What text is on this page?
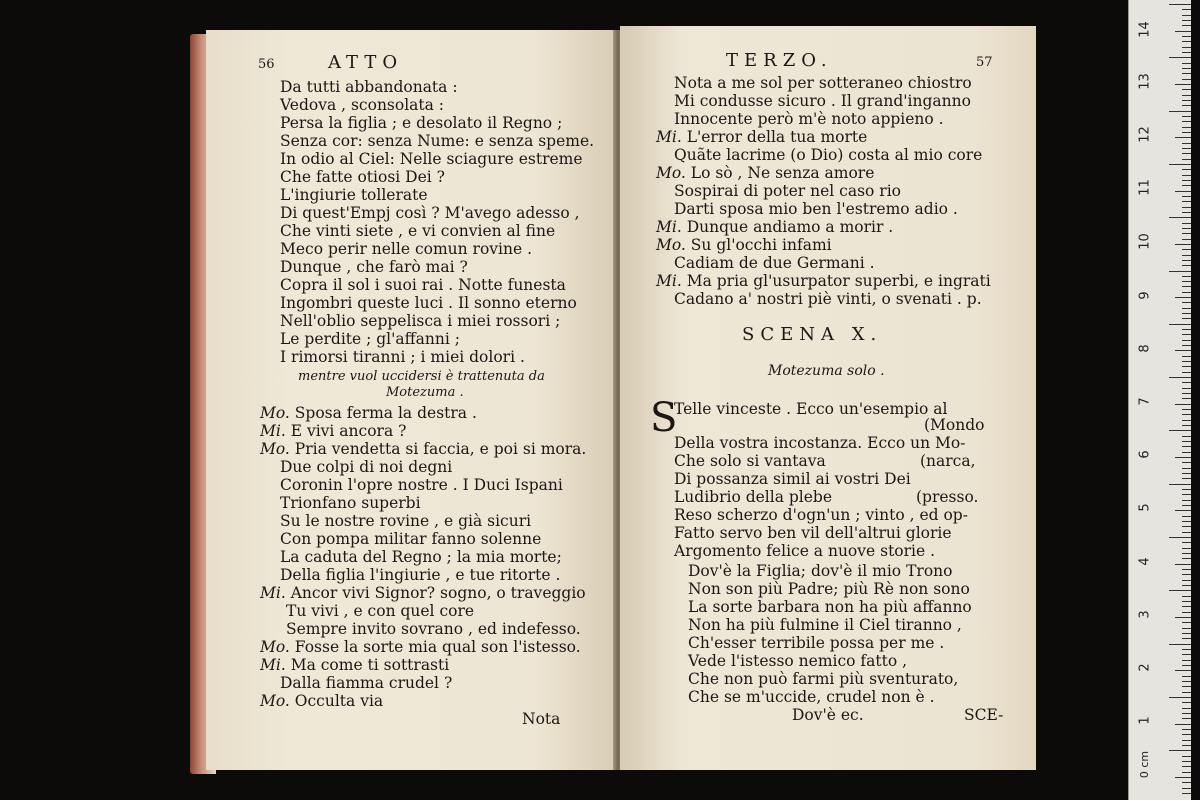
56	ATTO
Da tutti abbandonata :
Vedova , sconsolata :
Persa la figlia ; e desolato il Regno ;
Senza cor: senza Nume: e senza speme.
In odio al Ciel: Nelle sciagure estreme
Che fatte otiosi Dei ?
L'ingiurie tollerate
Di quest'Empj così ? M'avego adesso ,
Che vinti siete , e vi convien al fine
Meco perir nelle comun rovine .
Dunque , che farò mai ?
Copra il sol i suoi rai . Notte funesta
Ingombri queste luci . Il sonno eterno
Nell'oblio seppelisca i miei rossori ;
Le perdite ; gl'affanni ;
I rimorsi tiranni ; i miei dolori .
mentre vuol uccidersi è trattenuta da
Motezuma .
Mo. Sposa ferma la destra .
Mi. E vivi ancora ?
Mo. Pria vendetta si faccia, e poi si mora.
Due colpi di noi degni
Coronin l'opre nostre . I Duci Ispani
Trionfano superbi
Su le nostre rovine , e già sicuri
Con pompa militar fanno solenne
La caduta del Regno ; la mia morte;
Della figlia l'ingiurie , e tue ritorte .
Mi. Ancor vivi Signor? sogno, o traveggio
Tu vivi , e con quel core
Sempre invito sovrano , ed indefesso.
Mo. Fosse la sorte mia qual son l'istesso.
Mi. Ma come ti sottrasti
Dalla fiamma crudel ?
Mo. Occulta via
Nota
TERZO.	57
Nota a me sol per sotteraneo chiostro
Mi condusse sicuro . Il grand'inganno
Innocente però m'è noto appieno .
Mi. L'error della tua morte
Quãte lacrime (o Dio) costa al mio core
Mo. Lo sò , Ne senza amore
Sospirai di poter nel caso rio
Darti sposa mio ben l'estremo adio .
Mi. Dunque andiamo a morir .
Mo. Su gl'occhi infami
Cadiam de due Germani .
Mi. Ma pria gl'usurpator superbi, e ingrati
Cadano a' nostri piè vinti, o svenati . p.
SCENA X.
Motezuma solo .
S
Telle vinceste . Ecco un'esempio al
(Mondo
Della vostra incostanza. Ecco un Mo-
Che solo si vantava	(narca,
Di possanza simil ai vostri Dei
Ludibrio della plebe	(presso.
Reso scherzo d'ogn'un ; vinto , ed op-
Fatto servo ben vil dell'altrui glorie
Argomento felice a nuove storie .
Dov'è la Figlia; dov'è il mio Trono
Non son più Padre; più Rè non sono
La sorte barbara non ha più affanno
Non ha più fulmine il Ciel tiranno ,
Ch'esser terribile possa per me .
Vede l'istesso nemico fatto ,
Che non può farmi più sventurato,
Che se m'uccide, crudel non è .
Dov'è ec.	SCE-
14
13
12
11
10
9
8
7
6
5
4
3
2
1
0 cm
